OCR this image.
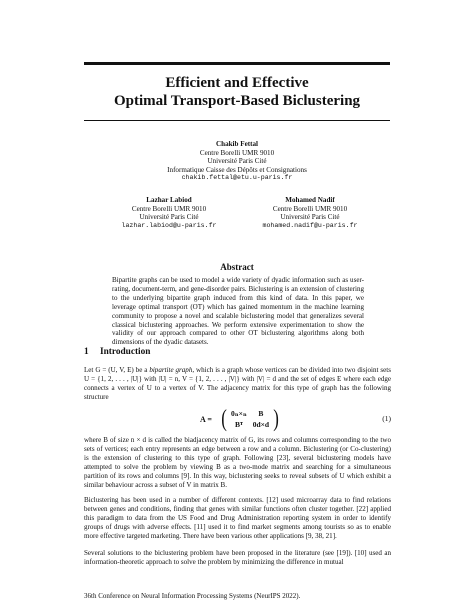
Efficient and Effective
Optimal Transport-Based Biclustering
Chakib Fettal
Centre Borelli UMR 9010
Université Paris Cité
Informatique Caisse des Dépôts et Consignations
chakib.fettal@etu.u-paris.fr
Lazhar Labiod
Centre Borelli UMR 9010
Université Paris Cité
lazhar.labiod@u-paris.fr
Mohamed Nadif
Centre Borelli UMR 9010
Université Paris Cité
mohamed.nadif@u-paris.fr
Abstract
Bipartite graphs can be used to model a wide variety of dyadic information such as user-rating, document-term, and gene-disorder pairs. Biclustering is an extension of clustering to the underlying bipartite graph induced from this kind of data. In this paper, we leverage optimal transport (OT) which has gained momentum in the machine learning community to propose a novel and scalable biclustering model that generalizes several classical biclustering approaches. We perform extensive experimentation to show the validity of our approach compared to other OT biclustering algorithms along both dimensions of the dyadic datasets.
1 Introduction
Let G = (U, V, E) be a bipartite graph, which is a graph whose vertices can be divided into two disjoint sets U = {1, 2, . . . , |U|} with |U| = n, V = {1, 2, . . . , |V|} with |V| = d and the set of edges E where each edge connects a vertex of U to a vertex of V. The adjacency matrix for this type of graph has the following structure
A = ( 0ₙ×ₙ	B
Bᵀ	0d×d )	(1)
where B of size n × d is called the biadjacency matrix of G, its rows and columns corresponding to the two sets of vertices; each entry represents an edge between a row and a column. Biclustering (or Co-clustering) is the extension of clustering to this type of graph. Following [23], several biclustering models have attempted to solve the problem by viewing B as a two-mode matrix and searching for a simultaneous partition of its rows and columns [9]. In this way, biclustering seeks to reveal subsets of U which exhibit a similar behaviour across a subset of V in matrix B.
Biclustering has been used in a number of different contexts. [12] used microarray data to find relations between genes and conditions, finding that genes with similar functions often cluster together. [22] applied this paradigm to data from the US Food and Drug Administration reporting system in order to identify groups of drugs with adverse effects. [11] used it to find market segments among tourists so as to enable more effective targeted marketing. There have been various other applications [9, 38, 21].
Several solutions to the biclustering problem have been proposed in the literature (see [19]). [10] used an information-theoretic approach to solve the problem by minimizing the difference in mutual
36th Conference on Neural Information Processing Systems (NeurIPS 2022).
